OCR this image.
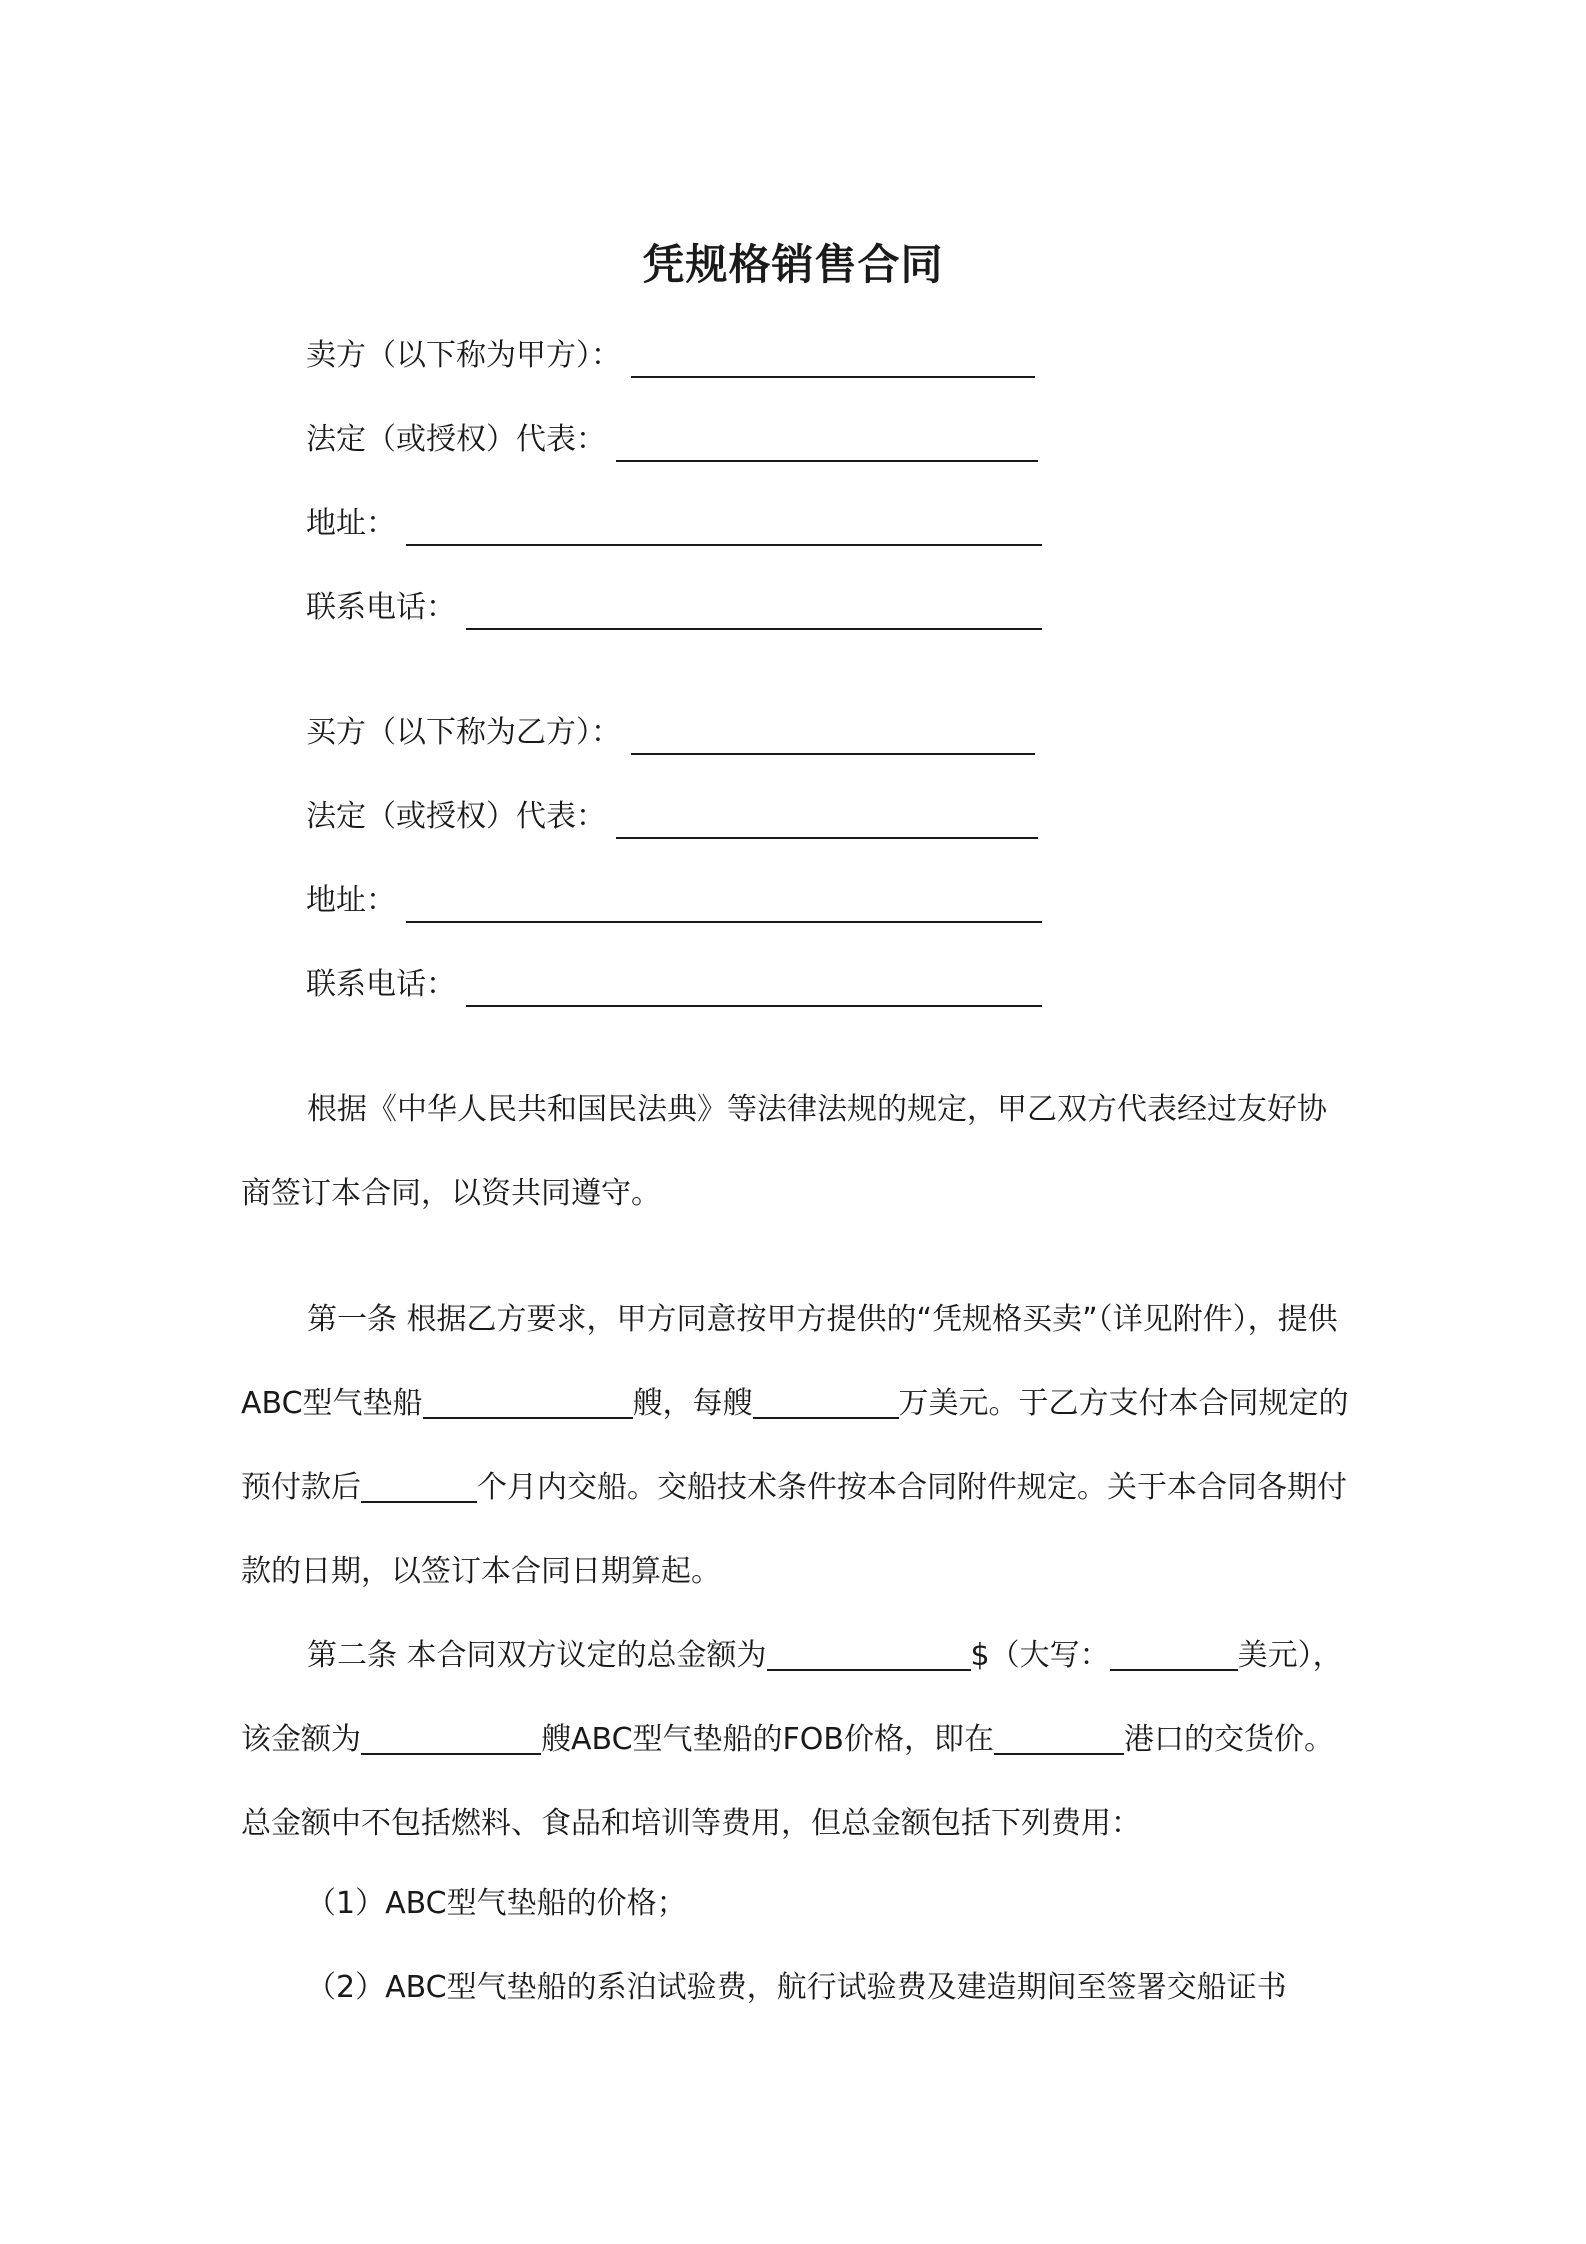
凭规格销售合同
卖方（以下称为甲方）：
法定（或授权）代表：
地址：
联系电话：
买方（以下称为乙方）：
法定（或授权）代表：
地址：
联系电话：
根据《中华人民共和国民法典》等法律法规的规定，甲乙双方代表经过友好协商签订本合同，以资共同遵守。
第一条 根据乙方要求，甲方同意按甲方提供的“凭规格买卖”（详见附件），提供ABC型气垫船	艘，每艘	万美元。于乙方支付本合同规定的预付款后	个月内交船。交船技术条件按本合同附件规定。关于本合同各期付款的日期，以签订本合同日期算起。
第二条 本合同双方议定的总金额为	$（大写：	美元），该金额为	艘ABC型气垫船的FOB价格，即在	港口的交货价。总金额中不包括燃料、食品和培训等费用，但总金额包括下列费用：
（1）ABC型气垫船的价格；
（2）ABC型气垫船的系泊试验费，航行试验费及建造期间至签署交船证书
